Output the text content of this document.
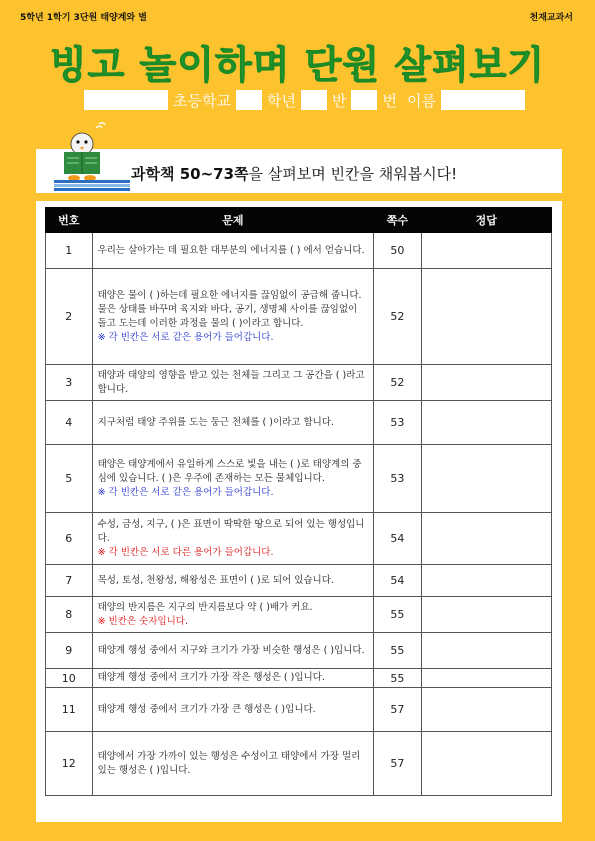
5학년 1학기 3단원 태양계와 별	천재교과서
빙고 놀이하며 단원 살펴보기
초등학교 학년 반 번 이름
과학책 50~73쪽을 살펴보며 빈칸을 채워봅시다!
번호	문제	쪽수	정답
1	우리는 살아가는 데 필요한 대부분의 에너지를 ( ) 에서 얻습니다.	50	
2	태양은 물이 ( )하는데 필요한 에너지를 끊임없이 공급해 줍니다. 물은 상태를 바꾸며 육지와 바다, 공기, 생명체 사이를 끊임없이 돌고 도는데 이러한 과정을 물의 ( )이라고 합니다.
※ 각 빈칸은 서로 같은 용어가 들어갑니다.	52	
3	태양과 태양의 영향을 받고 있는 천체들 그리고 그 공간을 ( )라고 합니다.	52	
4	지구처럼 태양 주위를 도는 둥근 천체를 ( )이라고 합니다.	53	
5	태양은 태양계에서 유일하게 스스로 빛을 내는 ( )로 태양계의 중심에 있습니다. ( )은 우주에 존재하는 모든 물체입니다.
※ 각 빈칸은 서로 같은 용어가 들어갑니다.	53	
6	수성, 금성, 지구, ( )은 표면이 딱딱한 땅으로 되어 있는 행성입니다.
※ 각 빈칸은 서로 다른 용어가 들어갑니다.	54	
7	목성, 토성, 천왕성, 해왕성은 표면이 ( )로 되어 있습니다.	54	
8	태양의 반지름은 지구의 반지름보다 약 ( )배가 커요.
※ 빈칸은 숫자입니다.	55	
9	태양계 행성 중에서 지구와 크기가 가장 비슷한 행성은 ( )입니다.	55	
10	태양계 행성 중에서 크기가 가장 작은 행성은 ( )입니다.	55	
11	태양계 행성 중에서 크기가 가장 큰 행성은 ( )입니다.	57	
12	태양에서 가장 가까이 있는 행성은 수성이고 태양에서 가장 멀리 있는 행성은 ( )입니다.	57	
